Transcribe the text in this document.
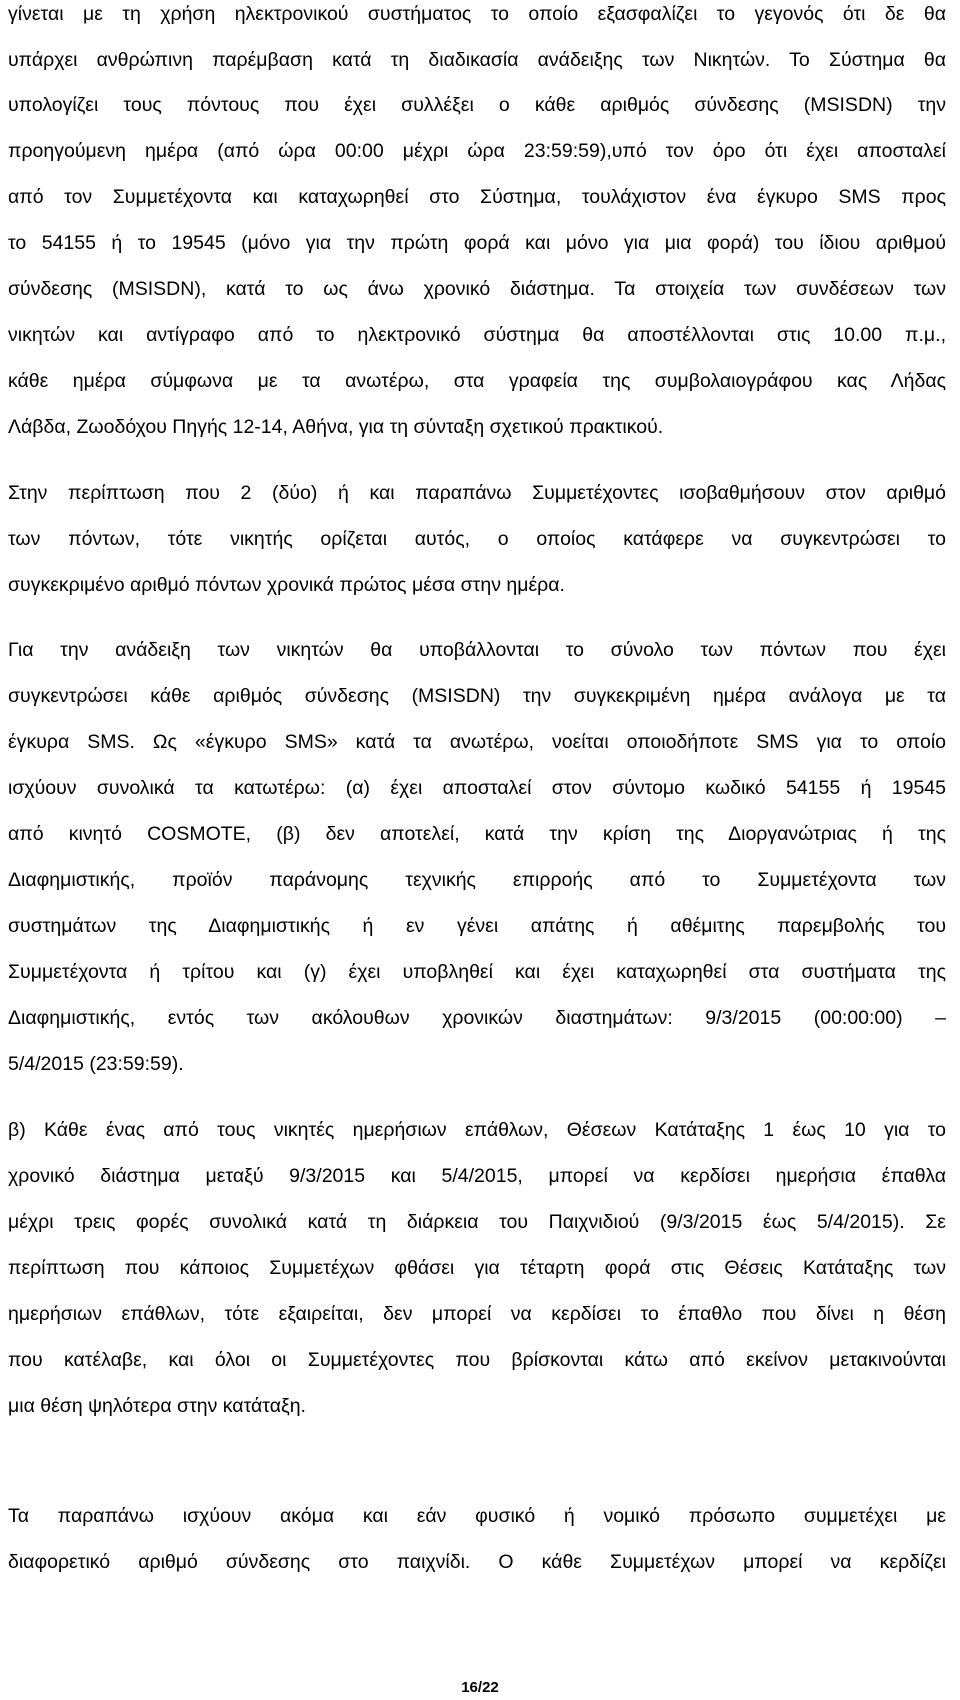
γίνεται με τη χρήση ηλεκτρονικού συστήματος το οποίο εξασφαλίζει το γεγονός ότι δε θα
υπάρχει ανθρώπινη παρέμβαση κατά τη διαδικασία ανάδειξης των Νικητών. Το Σύστημα θα
υπολογίζει τους πόντους που έχει συλλέξει ο κάθε αριθμός σύνδεσης (MSISDN) την
προηγούμενη ημέρα (από ώρα 00:00 μέχρι ώρα 23:59:59),υπό τον όρο ότι έχει αποσταλεί
από τον Συμμετέχοντα και καταχωρηθεί στο Σύστημα, τουλάχιστον ένα έγκυρο SMS προς
το 54155 ή το 19545 (μόνο για την πρώτη φορά και μόνο για μια φορά) του ίδιου αριθμού
σύνδεσης (MSISDN), κατά το ως άνω χρονικό διάστημα. Τα στοιχεία των συνδέσεων των
νικητών και αντίγραφο από το ηλεκτρονικό σύστημα θα αποστέλλονται στις 10.00 π.μ.,
κάθε ημέρα σύμφωνα με τα ανωτέρω, στα γραφεία της συμβολαιογράφου κας Λήδας
Λάβδα, Ζωοδόχου Πηγής 12-14, Αθήνα, για τη σύνταξη σχετικού πρακτικού.
Στην περίπτωση που 2 (δύο) ή και παραπάνω Συμμετέχοντες ισοβαθμήσουν στον αριθμό
των πόντων, τότε νικητής ορίζεται αυτός, ο οποίος κατάφερε να συγκεντρώσει το
συγκεκριμένο αριθμό πόντων χρονικά πρώτος μέσα στην ημέρα.
Για την ανάδειξη των νικητών θα υποβάλλονται το σύνολο των πόντων που έχει
συγκεντρώσει κάθε αριθμός σύνδεσης (MSISDN) την συγκεκριμένη ημέρα ανάλογα με τα
έγκυρα SMS. Ως «έγκυρο SMS» κατά τα ανωτέρω, νοείται οποιοδήποτε SMS για το οποίο
ισχύουν συνολικά τα κατωτέρω: (α) έχει αποσταλεί στον σύντομο κωδικό 54155 ή 19545
από κινητό COSMOTE, (β) δεν αποτελεί, κατά την κρίση της Διοργανώτριας ή της
Διαφημιστικής, προϊόν παράνομης τεχνικής επιρροής από το Συμμετέχοντα των
συστημάτων της Διαφημιστικής ή εν γένει απάτης ή αθέμιτης παρεμβολής του
Συμμετέχοντα ή τρίτου και (γ) έχει υποβληθεί και έχει καταχωρηθεί στα συστήματα της
Διαφημιστικής, εντός των ακόλουθων χρονικών διαστημάτων: 9/3/2015 (00:00:00) –
5/4/2015 (23:59:59).
β) Κάθε ένας από τους νικητές ημερήσιων επάθλων, Θέσεων Κατάταξης 1 έως 10 για το
χρονικό διάστημα μεταξύ 9/3/2015 και 5/4/2015, μπορεί να κερδίσει ημερήσια έπαθλα
μέχρι τρεις φορές συνολικά κατά τη διάρκεια του Παιχνιδιού (9/3/2015 έως 5/4/2015). Σε
περίπτωση που κάποιος Συμμετέχων φθάσει για τέταρτη φορά στις Θέσεις Κατάταξης των
ημερήσιων επάθλων, τότε εξαιρείται, δεν μπορεί να κερδίσει το έπαθλο που δίνει η θέση
που κατέλαβε, και όλοι οι Συμμετέχοντες που βρίσκονται κάτω από εκείνον μετακινούνται
μια θέση ψηλότερα στην κατάταξη.
Τα παραπάνω ισχύουν ακόμα και εάν φυσικό ή νομικό πρόσωπο συμμετέχει με
διαφορετικό αριθμό σύνδεσης στο παιχνίδι. Ο κάθε Συμμετέχων μπορεί να κερδίζει
16/22
